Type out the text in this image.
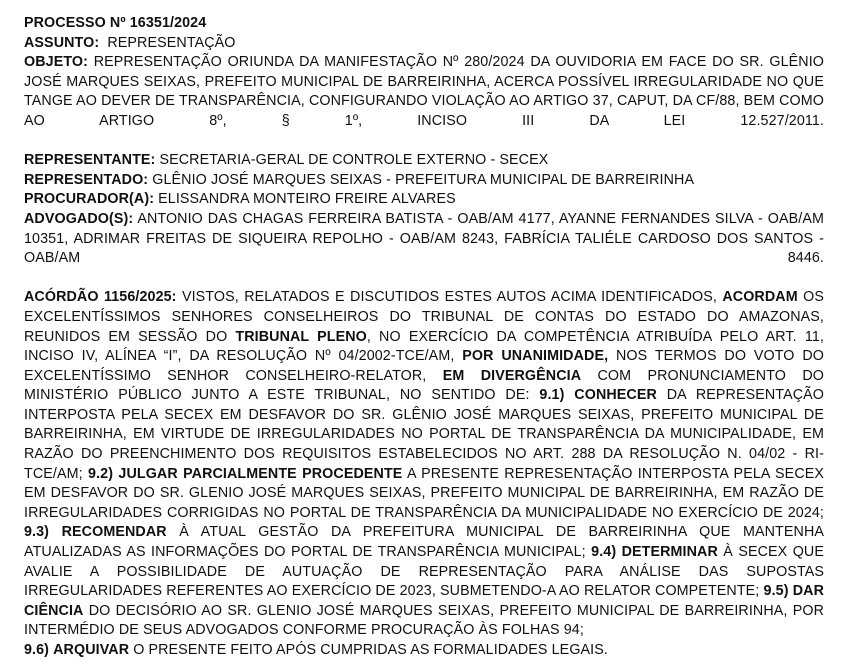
PROCESSO Nº 16351/2024

ASSUNTO: REPRESENTAÇÃO

OBJETO: REPRESENTAÇÃO ORIUNDA DA MANIFESTAÇÃO Nº 280/2024 DA OUVIDORIA EM FACE DO SR. GLÊNIO JOSÉ MARQUES SEIXAS, PREFEITO MUNICIPAL DE BARREIRINHA, ACERCA POSSÍVEL IRREGULARIDADE NO QUE TANGE AO DEVER DE TRANSPARÊNCIA, CONFIGURANDO VIOLAÇÃO AO ARTIGO 37, CAPUT, DA CF/88, BEM COMO AO ARTIGO 8º, § 1º, INCISO III DA LEI 12.527/2011.

REPRESENTANTE: SECRETARIA-GERAL DE CONTROLE EXTERNO - SECEX

REPRESENTADO: GLÊNIO JOSÉ MARQUES SEIXAS - PREFEITURA MUNICIPAL DE BARREIRINHA

PROCURADOR(A): ELISSANDRA MONTEIRO FREIRE ALVARES

ADVOGADO(S): ANTONIO DAS CHAGAS FERREIRA BATISTA - OAB/AM 4177, AYANNE FERNANDES SILVA - OAB/AM 10351, ADRIMAR FREITAS DE SIQUEIRA REPOLHO - OAB/AM 8243, FABRÍCIA TALIÉLE CARDOSO DOS SANTOS - OAB/AM 8446.

ACÓRDÃO 1156/2025: VISTOS, RELATADOS E DISCUTIDOS ESTES AUTOS ACIMA IDENTIFICADOS, ACORDAM OS EXCELENTÍSSIMOS SENHORES CONSELHEIROS DO TRIBUNAL DE CONTAS DO ESTADO DO AMAZONAS, REUNIDOS EM SESSÃO DO TRIBUNAL PLENO, NO EXERCÍCIO DA COMPETÊNCIA ATRIBUÍDA PELO ART. 11, INCISO IV, ALÍNEA “I”, DA RESOLUÇÃO Nº 04/2002-TCE/AM, POR UNANIMIDADE, NOS TERMOS DO VOTO DO EXCELENTÍSSIMO SENHOR CONSELHEIRO-RELATOR, EM DIVERGÊNCIA COM PRONUNCIAMENTO DO MINISTÉRIO PÚBLICO JUNTO A ESTE TRIBUNAL, NO SENTIDO DE: 9.1) CONHECER DA REPRESENTAÇÃO INTERPOSTA PELA SECEX EM DESFAVOR DO SR. GLÊNIO JOSÉ MARQUES SEIXAS, PREFEITO MUNICIPAL DE BARREIRINHA, EM VIRTUDE DE IRREGULARIDADES NO PORTAL DE TRANSPARÊNCIA DA MUNICIPALIDADE, EM RAZÃO DO PREENCHIMENTO DOS REQUISITOS ESTABELECIDOS NO ART. 288 DA RESOLUÇÃO N. 04/02 - RI-TCE/AM; 9.2) JULGAR PARCIALMENTE PROCEDENTE A PRESENTE REPRESENTAÇÃO INTERPOSTA PELA SECEX EM DESFAVOR DO SR. GLENIO JOSÉ MARQUES SEIXAS, PREFEITO MUNICIPAL DE BARREIRINHA, EM RAZÃO DE IRREGULARIDADES CORRIGIDAS NO PORTAL DE TRANSPARÊNCIA DA MUNICIPALIDADE NO EXERCÍCIO DE 2024; 9.3) RECOMENDAR À ATUAL GESTÃO DA PREFEITURA MUNICIPAL DE BARREIRINHA QUE MANTENHA ATUALIZADAS AS INFORMAÇÕES DO PORTAL DE TRANSPARÊNCIA MUNICIPAL; 9.4) DETERMINAR À SECEX QUE AVALIE A POSSIBILIDADE DE AUTUAÇÃO DE REPRESENTAÇÃO PARA ANÁLISE DAS SUPOSTAS IRREGULARIDADES REFERENTES AO EXERCÍCIO DE 2023, SUBMETENDO-A AO RELATOR COMPETENTE; 9.5) DAR CIÊNCIA DO DECISÓRIO AO SR. GLENIO JOSÉ MARQUES SEIXAS, PREFEITO MUNICIPAL DE BARREIRINHA, POR INTERMÉDIO DE SEUS ADVOGADOS CONFORME PROCURAÇÃO ÀS FOLHAS 94;

9.6) ARQUIVAR O PRESENTE FEITO APÓS CUMPRIDAS AS FORMALIDADES LEGAIS.
